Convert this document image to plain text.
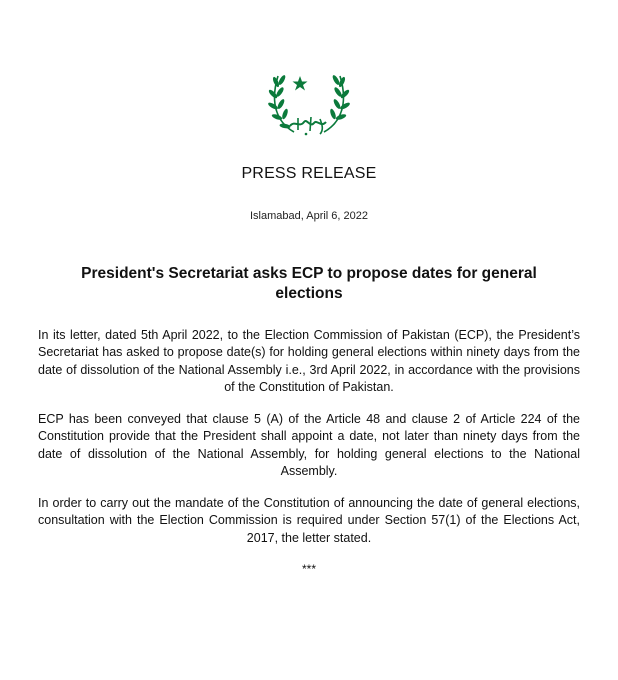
PRESS RELEASE
Islamabad, April 6, 2022
President's Secretariat asks ECP to propose dates for general elections

In its letter, dated 5th April 2022, to the Election Commission of Pakistan (ECP), the President’s Secretariat has asked to propose date(s) for holding general elections within ninety days from the date of dissolution of the National Assembly i.e., 3rd April 2022, in accordance with the provisions of the Constitution of Pakistan.

ECP has been conveyed that clause 5 (A) of the Article 48 and clause 2 of Article 224 of the Constitution provide that the President shall appoint a date, not later than ninety days from the date of dissolution of the National Assembly, for holding general elections to the National Assembly.

In order to carry out the mandate of the Constitution of announcing the date of general elections, consultation with the Election Commission is required under Section 57(1) of the Elections Act, 2017, the letter stated.

***
